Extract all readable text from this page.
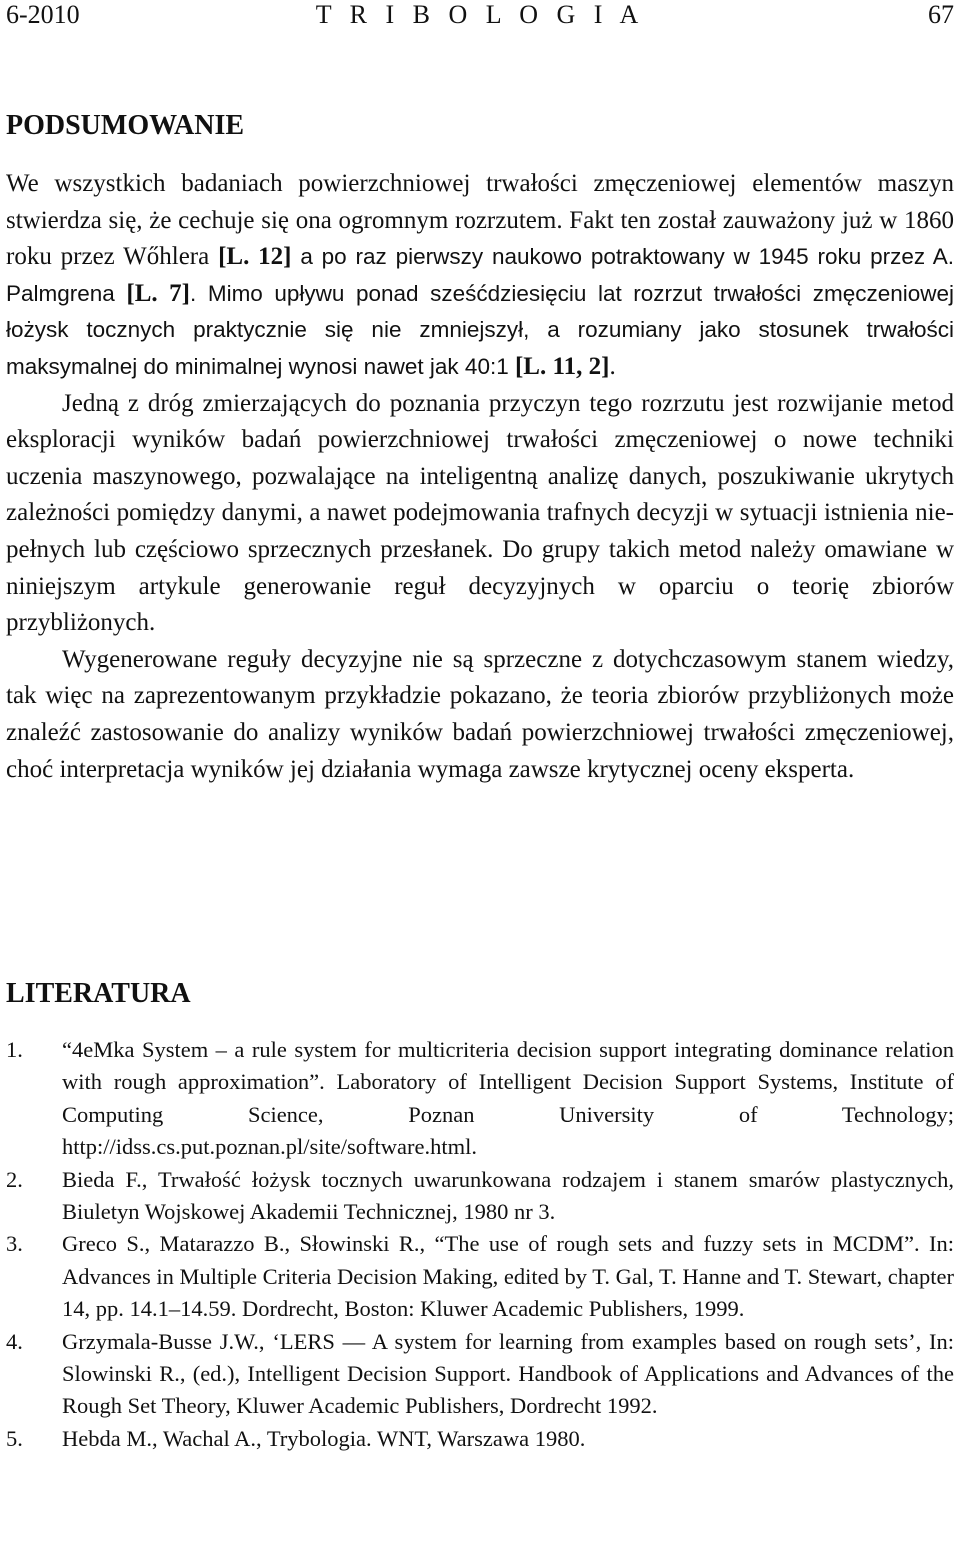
6-2010	T R I B O L O G I A	67
PODSUMOWANIE

We wszystkich badaniach powierzchniowej trwałości zmęczeniowej elementów maszyn stwierdza się, że cechuje się ona ogromnym rozrzutem. Fakt ten został zauważony już w 1860 roku przez Wőhlera [L. 12] a po raz pierwszy naukowo potraktowany w 1945 roku przez A. Palmgrena [L. 7]. Mimo upływu ponad sześćdziesięciu lat rozrzut trwałości zmęczeniowej łożysk tocznych praktycznie się nie zmniejszył, a rozumiany jako stosunek trwałości maksymalnej do minimalnej wynosi nawet jak 40:1 [L. 11, 2].

Jedną z dróg zmierzających do poznania przyczyn tego rozrzutu jest rozwijanie metod eksploracji wyników badań powierzchniowej trwałości zmęczeniowej o nowe techniki uczenia maszynowego, pozwalające na inteligentną analizę danych, poszukiwanie ukrytych zależności pomiędzy danymi, a nawet podejmowania trafnych decyzji w sytuacji istnienia niepełnych lub częściowo sprzecznych przesłanek. Do grupy takich metod należy omawiane w niniejszym artykule generowanie reguł decyzyjnych w oparciu o teorię zbiorów przybliżonych.

Wygenerowane reguły decyzyjne nie są sprzeczne z dotychczasowym stanem wiedzy, tak więc na zaprezentowanym przykładzie pokazano, że teoria zbiorów przybliżonych może znaleźć zastosowanie do analizy wyników badań powierzchniowej trwałości zmęczeniowej, choć interpretacja wyników jej działania wymaga zawsze krytycznej oceny eksperta.

LITERATURA
1. “4eMka System – a rule system for multicriteria decision support integrating dominance relation with rough approximation”. Laboratory of Intelligent Decision Support Systems, Institute of Computing Science, Poznan University of Technology; http://idss.cs.put.poznan.pl/site/software.html.
2. Bieda F., Trwałość łożysk tocznych uwarunkowana rodzajem i stanem smarów plastycznych, Biuletyn Wojskowej Akademii Technicznej, 1980 nr 3.
3. Greco S., Matarazzo B., Słowinski R., “The use of rough sets and fuzzy sets in MCDM”. In: Advances in Multiple Criteria Decision Making, edited by T. Gal, T. Hanne and T. Stewart, chapter 14, pp. 14.1–14.59. Dordrecht, Boston: Kluwer Academic Publishers, 1999.
4. Grzymala-Busse J.W., ‘LERS — A system for learning from examples based on rough sets’, In: Slowinski R., (ed.), Intelligent Decision Support. Handbook of Applications and Advances of the Rough Set Theory, Kluwer Academic Publishers, Dordrecht 1992.
5. Hebda M., Wachal A., Trybologia. WNT, Warszawa 1980.
